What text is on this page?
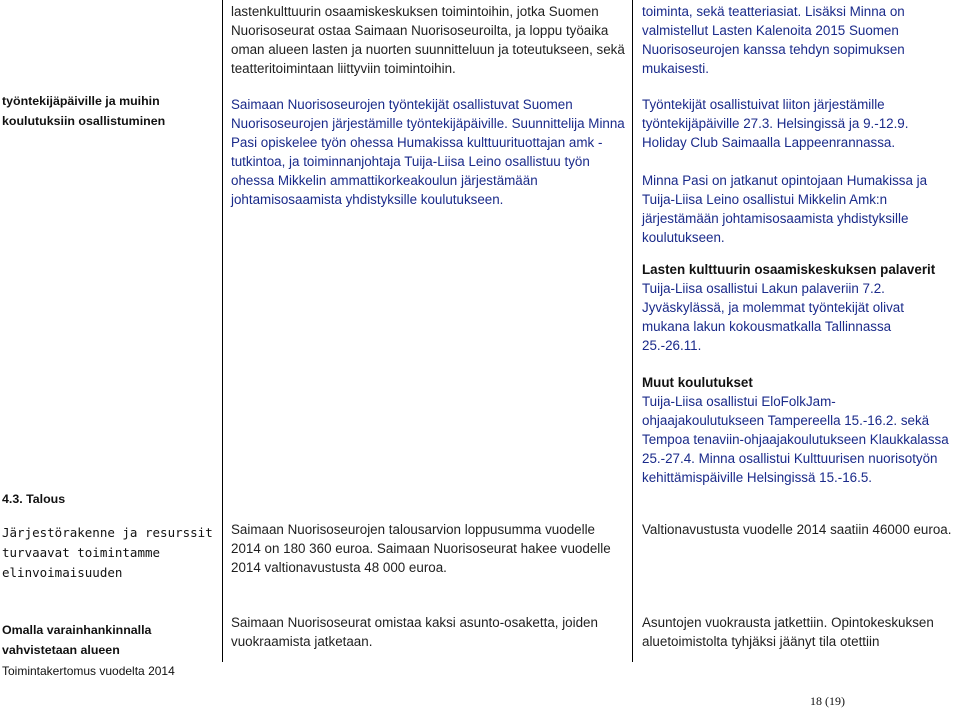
työntekijäpäiville ja muihin koulutuksiin osallistuminen
4.3. Talous
Järjestörakenne ja resurssit turvaavat toimintamme elinvoimaisuuden
Omalla varainhankinnalla vahvistetaan alueen

lastenkulttuurin osaamiskeskuksen toimintoihin, jotka Suomen Nuorisoseurat ostaa Saimaan Nuorisoseuroilta, ja loppu työaika oman alueen lasten ja nuorten suunnitteluun ja toteutukseen, sekä teatteritoimintaan liittyviin toimintoihin.

Saimaan Nuorisoseurojen työntekijät osallistuvat Suomen Nuorisoseurojen järjestämille työntekijäpäiville. Suunnittelija Minna Pasi opiskelee työn ohessa Humakissa kulttuurituottajan amk -tutkintoa, ja toiminnanjohtaja Tuija-Liisa Leino osallistuu työn ohessa Mikkelin ammattikorkeakoulun järjestämään johtamisosaamista yhdistyksille koulutukseen.

Saimaan Nuorisoseurojen talousarvion loppusumma vuodelle 2014 on 180 360 euroa. Saimaan Nuorisoseurat hakee vuodelle 2014 valtionavustusta 48 000 euroa.

Saimaan Nuorisoseurat omistaa kaksi asunto-osaketta, joiden vuokraamista jatketaan.

toiminta, sekä teatteriasiat. Lisäksi Minna on valmistellut Lasten Kalenoita 2015 Suomen Nuorisoseurojen kanssa tehdyn sopimuksen mukaisesti.

Työntekijät osallistuivat liiton järjestämille työntekijäpäiville 27.3. Helsingissä ja 9.-12.9. Holiday Club Saimaalla Lappeenrannassa.

Minna Pasi on jatkanut opintojaan Humakissa ja Tuija-Liisa Leino osallistui Mikkelin Amk:n järjestämään johtamisosaamista yhdistyksille koulutukseen.

Lasten kulttuurin osaamiskeskuksen palaverit

Tuija-Liisa osallistui Lakun palaveriin 7.2. Jyväskylässä, ja molemmat työntekijät olivat mukana lakun kokousmatkalla Tallinnassa 25.-26.11.

Muut koulutukset

Tuija-Liisa osallistui EloFolkJam-ohjaajakoulutukseen Tampereella 15.-16.2. sekä Tempoa tenaviin-ohjaajakoulutukseen Klaukkalassa 25.-27.4. Minna osallistui Kulttuurisen nuorisotyön kehittämispäiville Helsingissä 15.-16.5.

Valtionavustusta vuodelle 2014 saatiin 46000 euroa.

Asuntojen vuokrausta jatkettiin. Opintokeskuksen aluetoimistolta tyhjäksi jäänyt tila otettiin

Toimintakertomus vuodelta 2014
18 (19)
